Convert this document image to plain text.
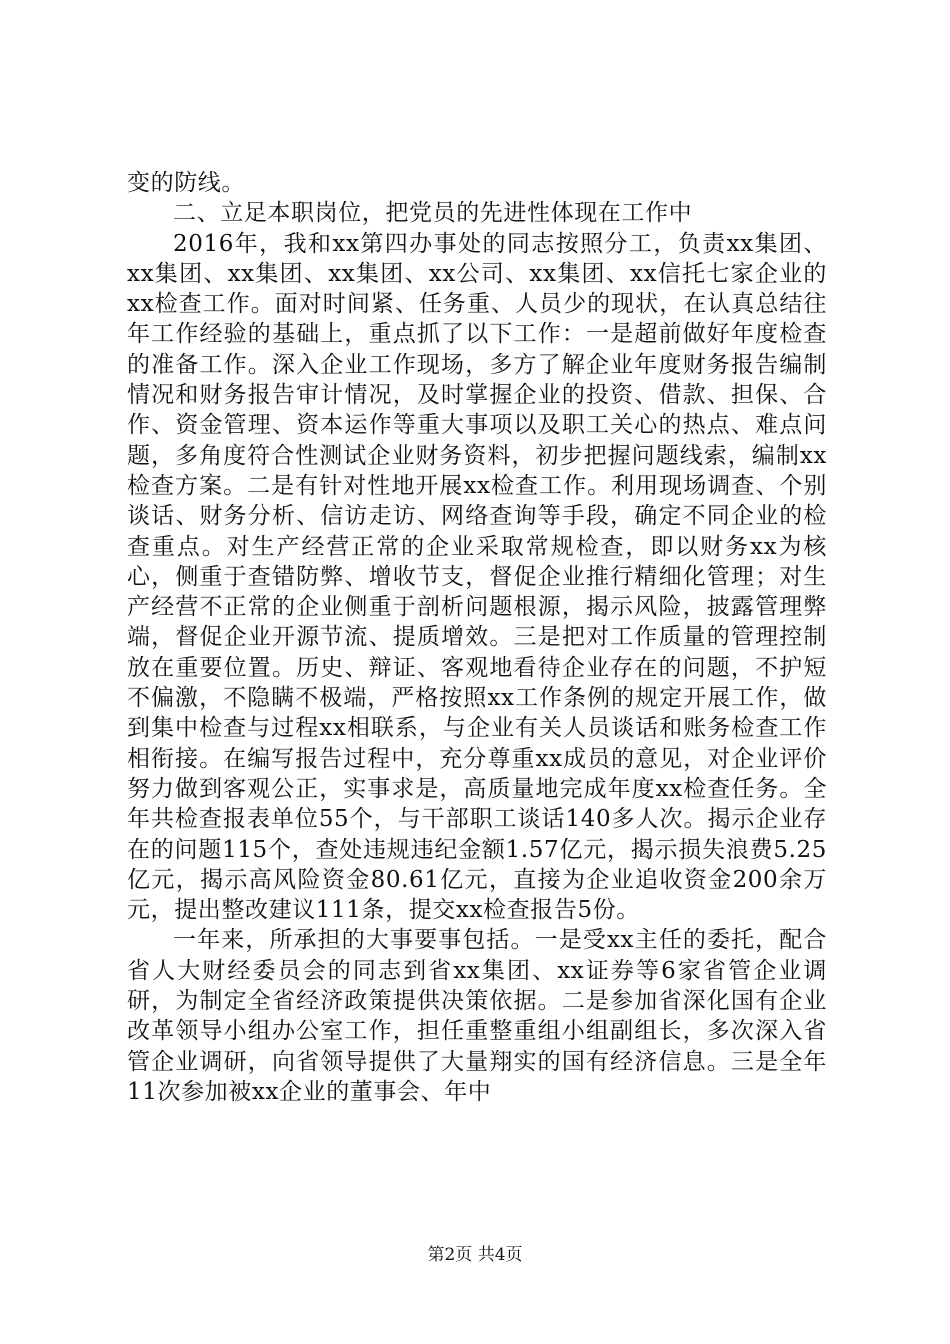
变的防线。

二、立足本职岗位，把党员的先进性体现在工作中

2016年，我和xx第四办事处的同志按照分工，负责xx集团、xx集团、xx集团、xx集团、xx公司、xx集团、xx信托七家企业的xx检查工作。面对时间紧、任务重、人员少的现状，在认真总结往年工作经验的基础上，重点抓了以下工作：一是超前做好年度检查的准备工作。深入企业工作现场，多方了解企业年度财务报告编制情况和财务报告审计情况，及时掌握企业的投资、借款、担保、合作、资金管理、资本运作等重大事项以及职工关心的热点、难点问题，多角度符合性测试企业财务资料，初步把握问题线索，编制xx检查方案。二是有针对性地开展xx检查工作。利用现场调查、个别谈话、财务分析、信访走访、网络查询等手段，确定不同企业的检查重点。对生产经营正常的企业采取常规检查，即以财务xx为核心，侧重于查错防弊、增收节支，督促企业推行精细化管理；对生产经营不正常的企业侧重于剖析问题根源，揭示风险，披露管理弊端，督促企业开源节流、提质增效。三是把对工作质量的管理控制放在重要位置。历史、辩证、客观地看待企业存在的问题，不护短不偏激，不隐瞒不极端，严格按照xx工作条例的规定开展工作，做到集中检查与过程xx相联系，与企业有关人员谈话和账务检查工作相衔接。在编写报告过程中，充分尊重xx成员的意见，对企业评价努力做到客观公正，实事求是，高质量地完成年度xx检查任务。全年共检查报表单位55个，与干部职工谈话140多人次。揭示企业存在的问题115个，查处违规违纪金额1.57亿元，揭示损失浪费5.25亿元，揭示高风险资金80.61亿元，直接为企业追收资金200余万元，提出整改建议111条，提交xx检查报告5份。

一年来，所承担的大事要事包括。一是受xx主任的委托，配合省人大财经委员会的同志到省xx集团、xx证券等6家省管企业调研，为制定全省经济政策提供决策依据。二是参加省深化国有企业改革领导小组办公室工作，担任重整重组小组副组长，多次深入省管企业调研，向省领导提供了大量翔实的国有经济信息。三是全年11次参加被xx企业的董事会、年中

第2页 共4页
